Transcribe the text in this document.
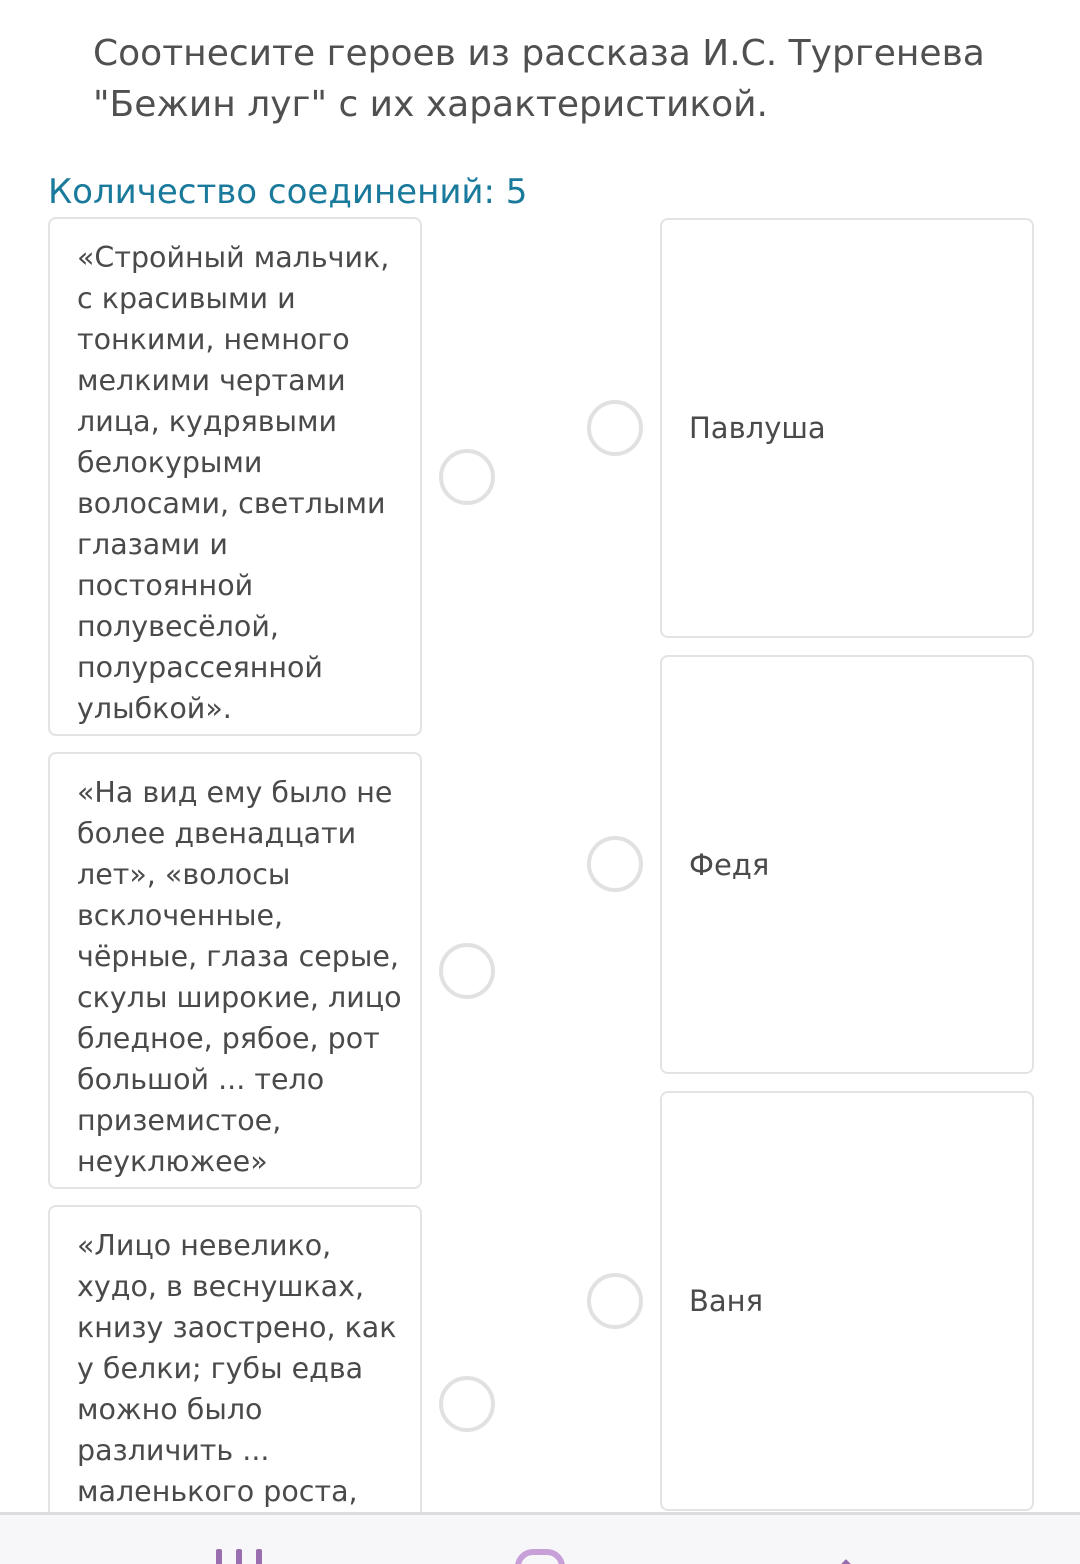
Соотнесите героев из рассказа И.С. Тургенева "Бежин луг" с их характеристикой.
Количество соединений: 5
«Стройный мальчик,
с красивыми и
тонкими, немного
мелкими чертами
лица, кудрявыми
белокурыми
волосами, светлыми
глазами и
постоянной
полувесёлой,
полурассеянной
улыбкой».
«На вид ему было не
более двенадцати
лет», «волосы
всклоченные,
чёрные, глаза серые,
скулы широкие, лицо
бледное, рябое, рот
большой ... тело
приземистое,
неуклюжее»
«Лицо невелико,
худо, в веснушках,
книзу заострено, как
у белки; губы едва
можно было
различить ...
маленького роста,
Павлуша
Федя
Ваня
